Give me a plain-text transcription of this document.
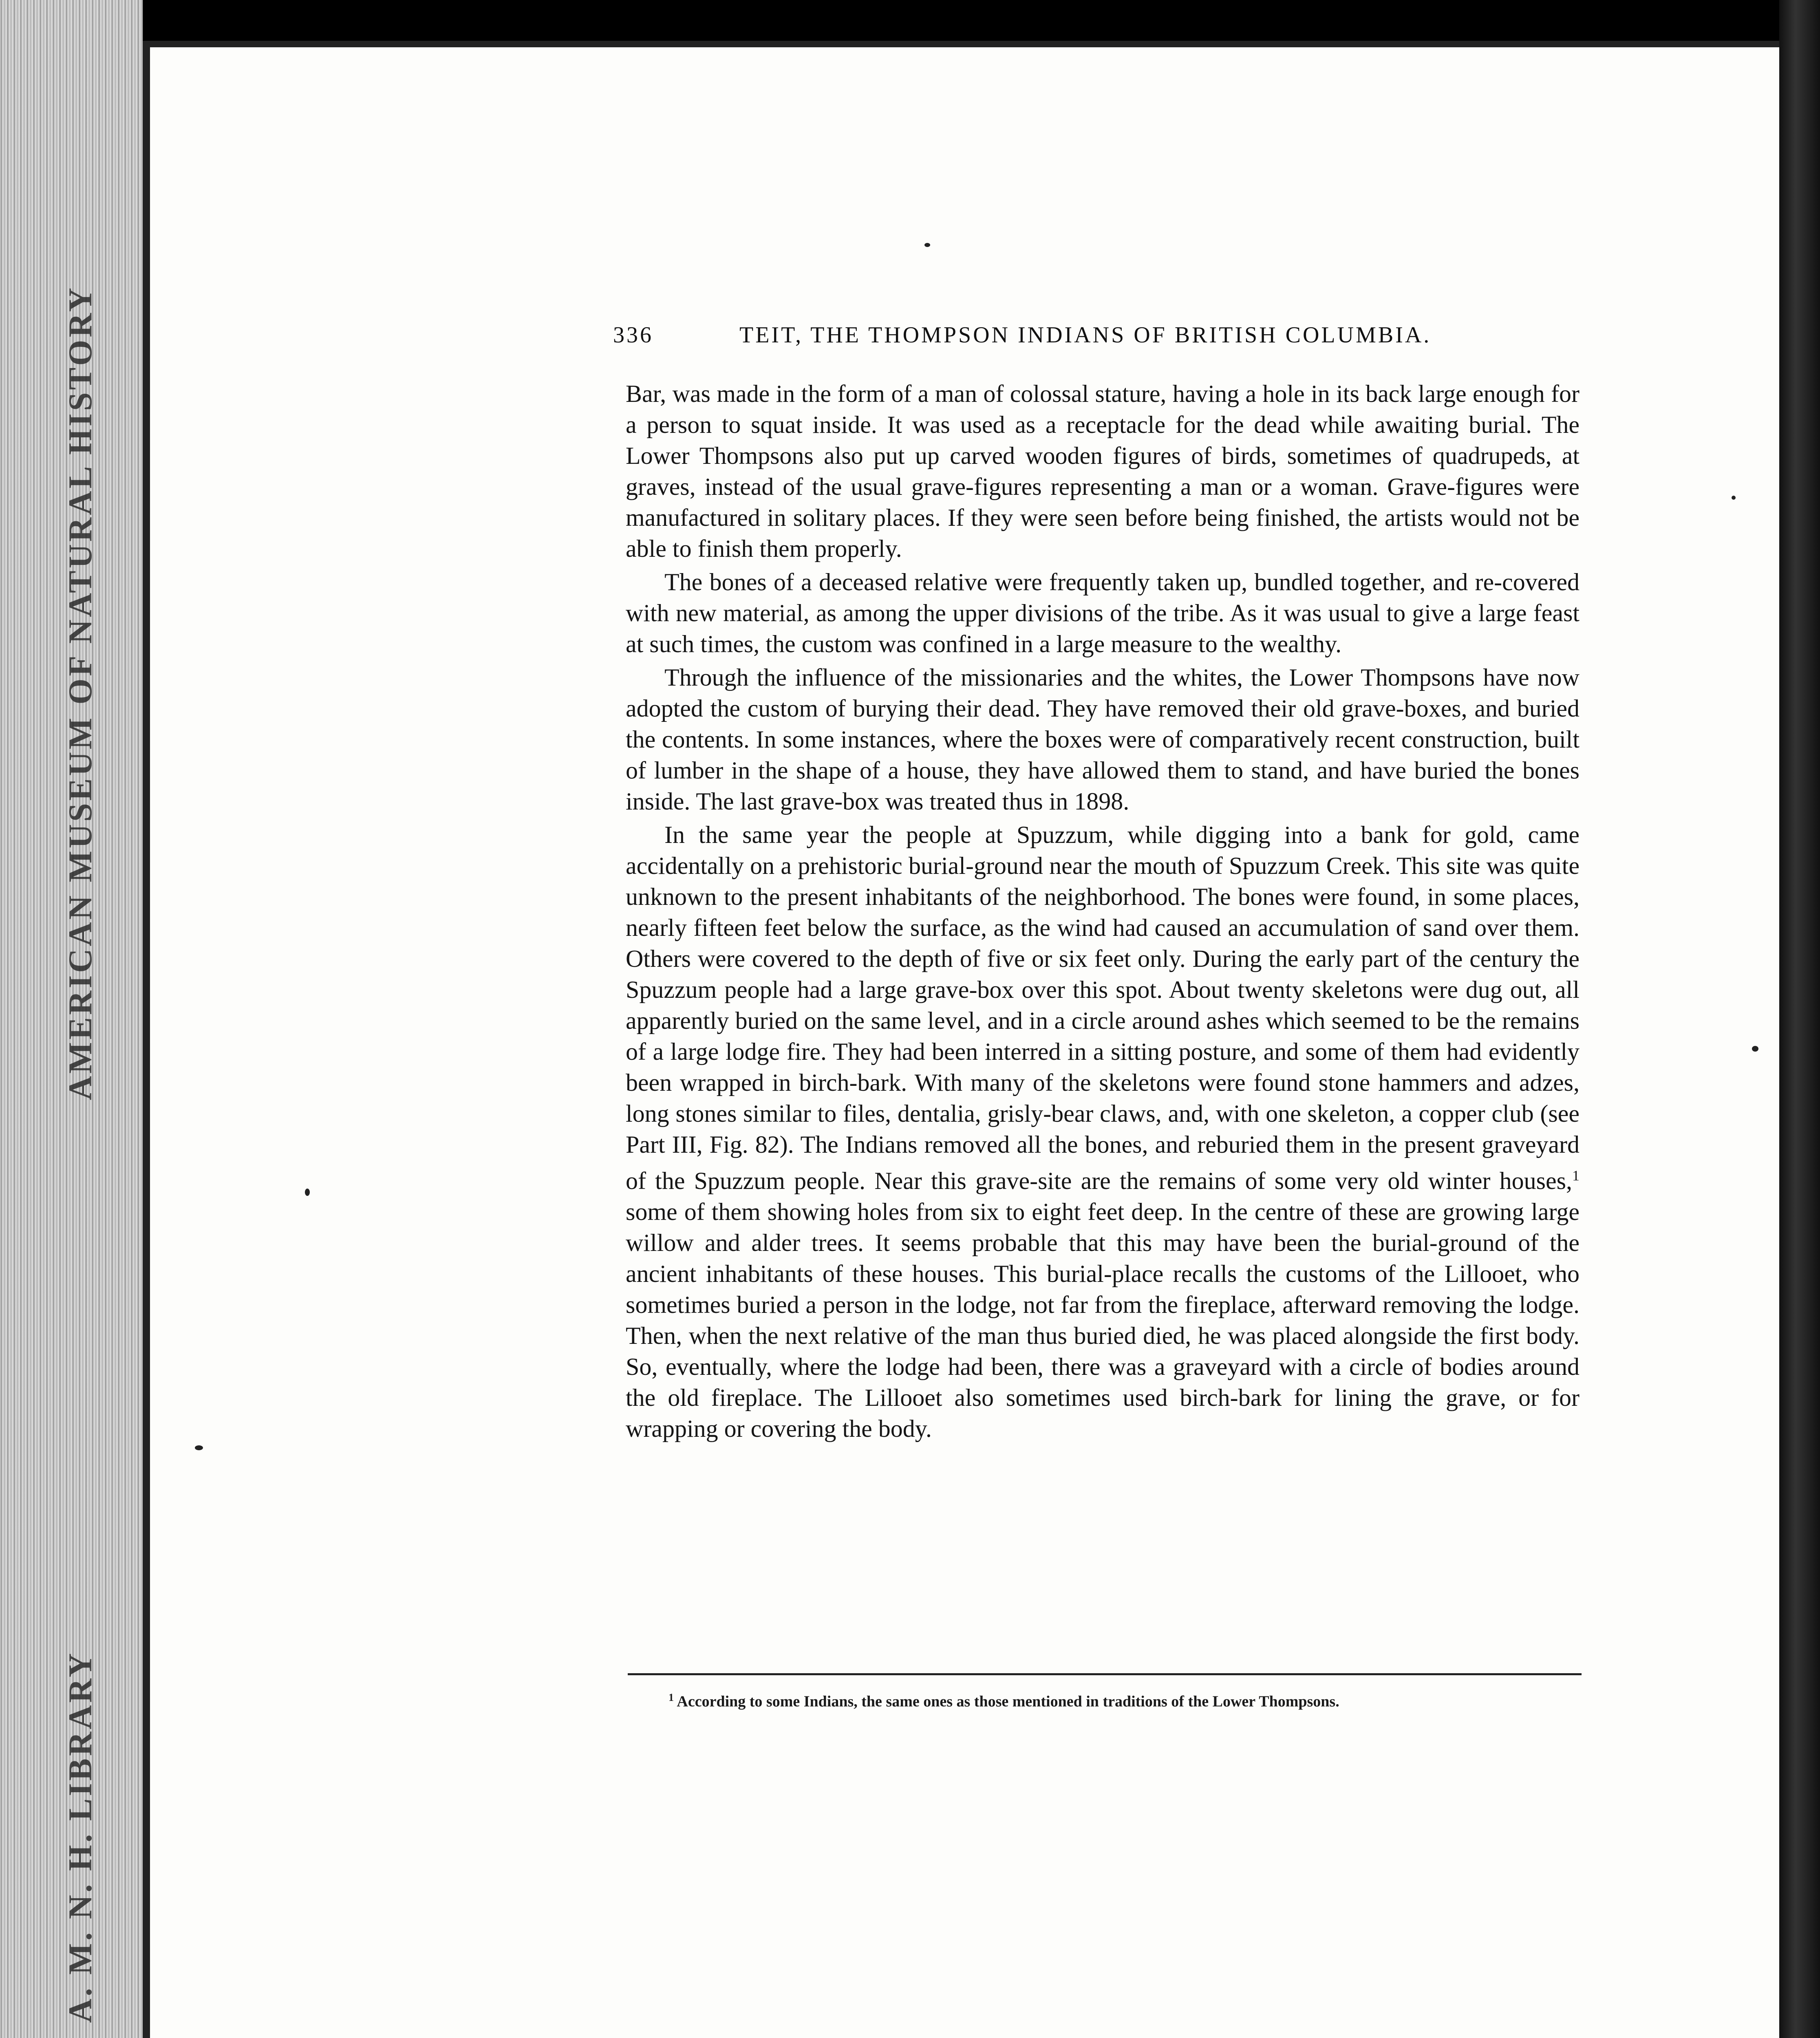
AMERICAN MUSEUM OF NATURAL HISTORY
A. M. N. H. LIBRARY
336	TEIT, THE THOMPSON INDIANS OF BRITISH COLUMBIA.

Bar, was made in the form of a man of colossal stature, having a hole in its back large enough for a person to squat inside. It was used as a receptacle for the dead while awaiting burial. The Lower Thompsons also put up carved wooden figures of birds, sometimes of quadrupeds, at graves, instead of the usual grave-figures representing a man or a woman. Grave-figures were manufactured in solitary places. If they were seen before being finished, the artists would not be able to finish them properly.

The bones of a deceased relative were frequently taken up, bundled together, and re-covered with new material, as among the upper divisions of the tribe. As it was usual to give a large feast at such times, the custom was confined in a large measure to the wealthy.

Through the influence of the missionaries and the whites, the Lower Thompsons have now adopted the custom of burying their dead. They have removed their old grave-boxes, and buried the contents. In some instances, where the boxes were of comparatively recent construction, built of lumber in the shape of a house, they have allowed them to stand, and have buried the bones inside. The last grave-box was treated thus in 1898.

In the same year the people at Spuzzum, while digging into a bank for gold, came accidentally on a prehistoric burial-ground near the mouth of Spuzzum Creek. This site was quite unknown to the present inhabitants of the neighborhood. The bones were found, in some places, nearly fifteen feet below the surface, as the wind had caused an accumulation of sand over them. Others were covered to the depth of five or six feet only. During the early part of the century the Spuzzum people had a large grave-box over this spot. About twenty skeletons were dug out, all apparently buried on the same level, and in a circle around ashes which seemed to be the remains of a large lodge fire. They had been interred in a sitting posture, and some of them had evidently been wrapped in birch-bark. With many of the skeletons were found stone hammers and adzes, long stones similar to files, dentalia, grisly-bear claws, and, with one skeleton, a copper club (see Part III, Fig. 82). The Indians removed all the bones, and reburied them in the present graveyard of the Spuzzum people. Near this grave-site are the remains of some very old winter houses,$^1$ some of them showing holes from six to eight feet deep. In the centre of these are growing large willow and alder trees. It seems probable that this may have been the burial-ground of the ancient inhabitants of these houses. This burial-place recalls the customs of the Lillooet, who sometimes buried a person in the lodge, not far from the fireplace, afterward removing the lodge. Then, when the next relative of the man thus buried died, he was placed alongside the first body. So, eventually, where the lodge had been, there was a graveyard with a circle of bodies around the old fireplace. The Lillooet also sometimes used birch-bark for lining the grave, or for wrapping or covering the body.

$^1$ According to some Indians, the same ones as those mentioned in traditions of the Lower Thompsons.
